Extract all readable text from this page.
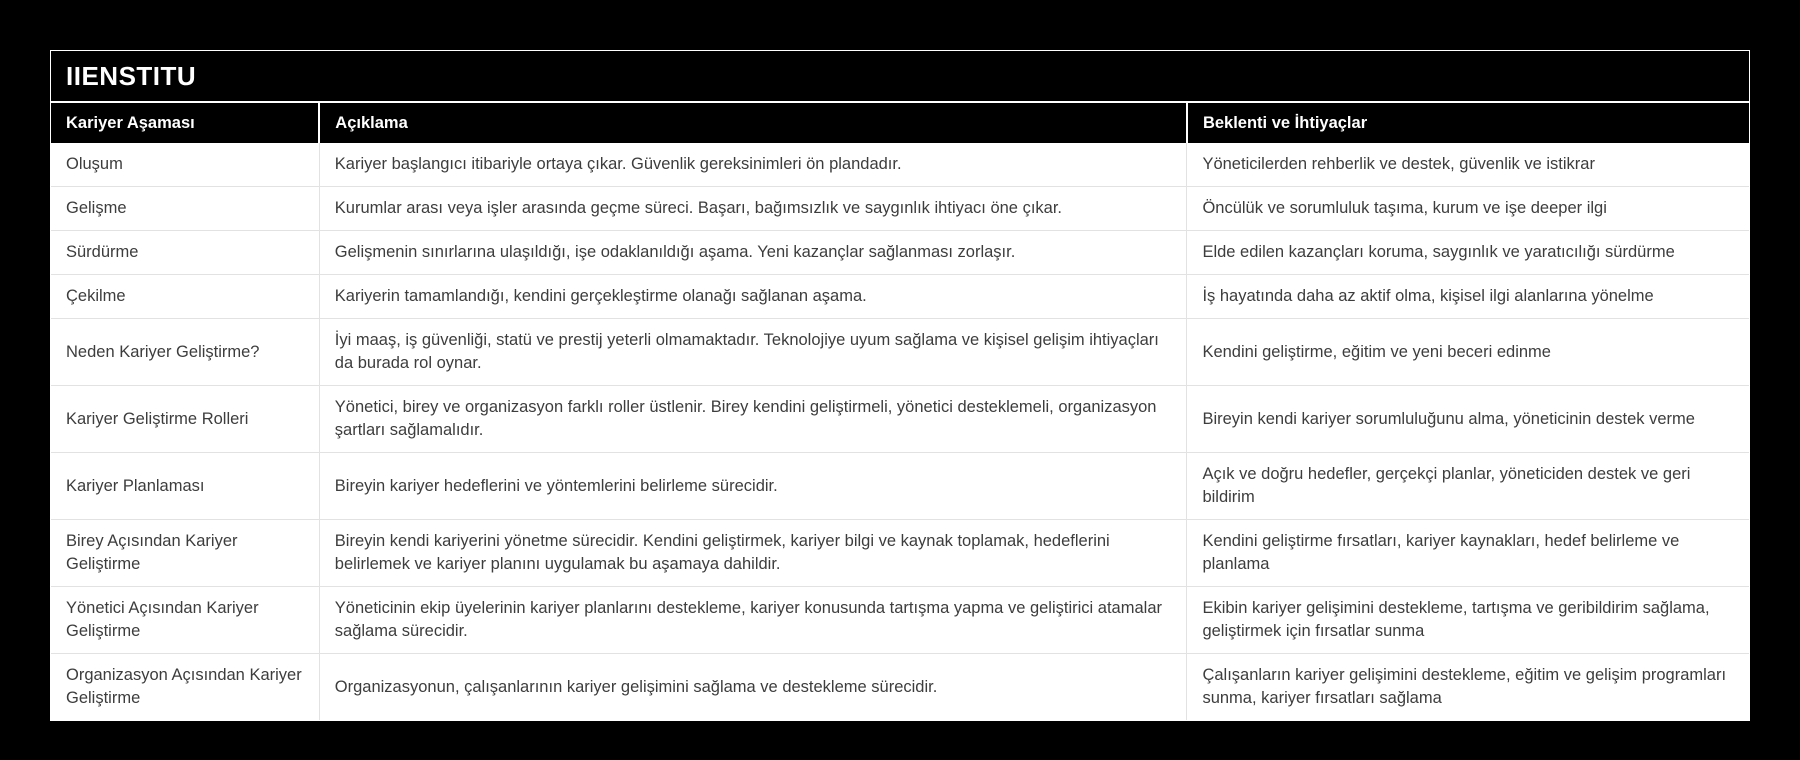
IIENSTITU
Kariyer Aşaması	Açıklama	Beklenti ve İhtiyaçlar
Oluşum	Kariyer başlangıcı itibariyle ortaya çıkar. Güvenlik gereksinimleri ön plandadır.	Yöneticilerden rehberlik ve destek, güvenlik ve istikrar
Gelişme	Kurumlar arası veya işler arasında geçme süreci. Başarı, bağımsızlık ve saygınlık ihtiyacı öne çıkar.	Öncülük ve sorumluluk taşıma, kurum ve işe deeper ilgi
Sürdürme	Gelişmenin sınırlarına ulaşıldığı, işe odaklanıldığı aşama. Yeni kazançlar sağlanması zorlaşır.	Elde edilen kazançları koruma, saygınlık ve yaratıcılığı sürdürme
Çekilme	Kariyerin tamamlandığı, kendini gerçekleştirme olanağı sağlanan aşama.	İş hayatında daha az aktif olma, kişisel ilgi alanlarına yönelme
Neden Kariyer Geliştirme?	İyi maaş, iş güvenliği, statü ve prestij yeterli olmamaktadır. Teknolojiye uyum sağlama ve kişisel gelişim ihtiyaçları da burada rol oynar.	Kendini geliştirme, eğitim ve yeni beceri edinme
Kariyer Geliştirme Rolleri	Yönetici, birey ve organizasyon farklı roller üstlenir. Birey kendini geliştirmeli, yönetici desteklemeli, organizasyon şartları sağlamalıdır.	Bireyin kendi kariyer sorumluluğunu alma, yöneticinin destek verme
Kariyer Planlaması	Bireyin kariyer hedeflerini ve yöntemlerini belirleme sürecidir.	Açık ve doğru hedefler, gerçekçi planlar, yöneticiden destek ve geri bildirim
Birey Açısından Kariyer Geliştirme	Bireyin kendi kariyerini yönetme sürecidir. Kendini geliştirmek, kariyer bilgi ve kaynak toplamak, hedeflerini belirlemek ve kariyer planını uygulamak bu aşamaya dahildir.	Kendini geliştirme fırsatları, kariyer kaynakları, hedef belirleme ve planlama
Yönetici Açısından Kariyer Geliştirme	Yöneticinin ekip üyelerinin kariyer planlarını destekleme, kariyer konusunda tartışma yapma ve geliştirici atamalar sağlama sürecidir.	Ekibin kariyer gelişimini destekleme, tartışma ve geribildirim sağlama, geliştirmek için fırsatlar sunma
Organizasyon Açısından Kariyer Geliştirme	Organizasyonun, çalışanlarının kariyer gelişimini sağlama ve destekleme sürecidir.	Çalışanların kariyer gelişimini destekleme, eğitim ve gelişim programları sunma, kariyer fırsatları sağlama
